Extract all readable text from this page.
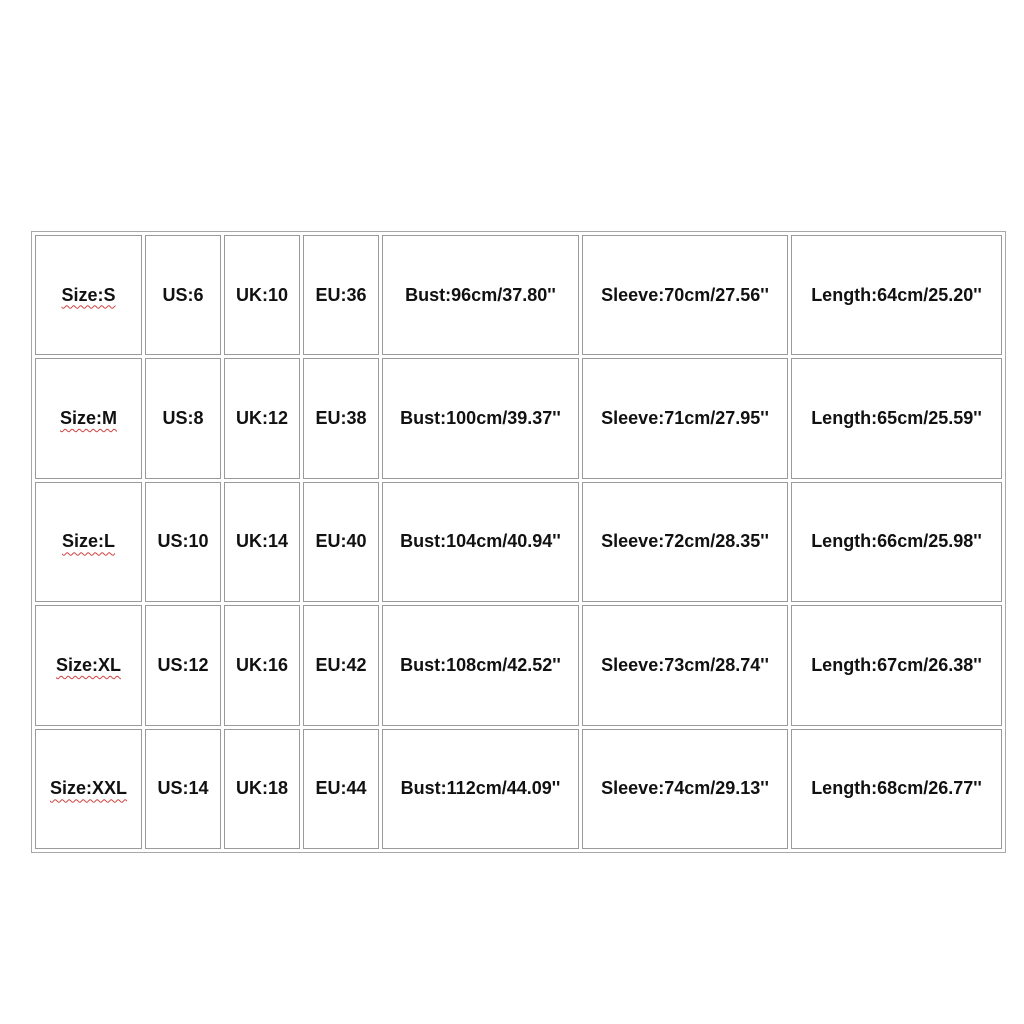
Size:S	US:6	UK:10	EU:36	Bust:96cm/37.80''	Sleeve:70cm/27.56''	Length:64cm/25.20''
Size:M	US:8	UK:12	EU:38	Bust:100cm/39.37''	Sleeve:71cm/27.95''	Length:65cm/25.59''
Size:L	US:10	UK:14	EU:40	Bust:104cm/40.94''	Sleeve:72cm/28.35''	Length:66cm/25.98''
Size:XL	US:12	UK:16	EU:42	Bust:108cm/42.52''	Sleeve:73cm/28.74''	Length:67cm/26.38''
Size:XXL	US:14	UK:18	EU:44	Bust:112cm/44.09''	Sleeve:74cm/29.13''	Length:68cm/26.77''
